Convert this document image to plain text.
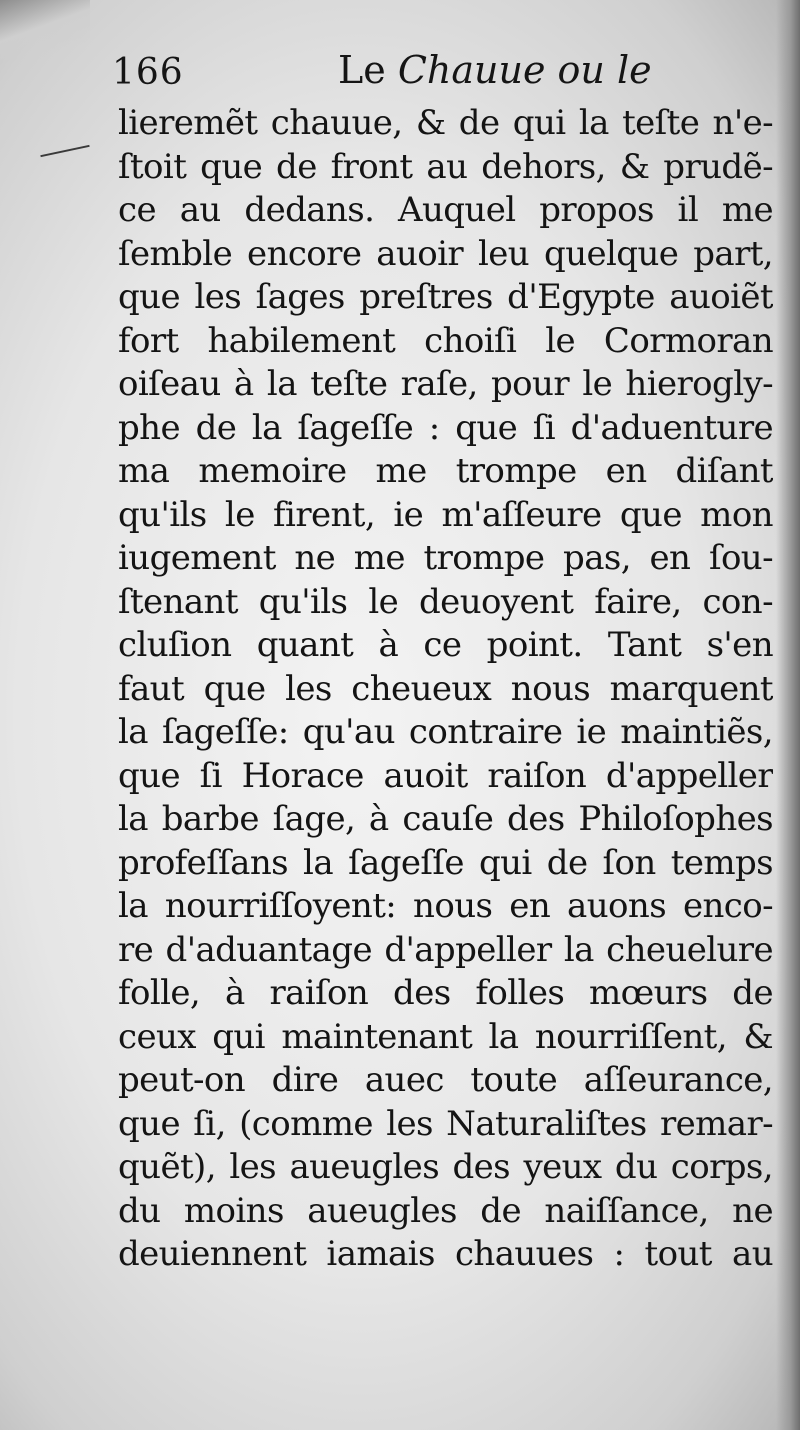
166	Le Chauue ou le
lieremẽt chauue, & de qui la teſte n'e-
ſtoit que de front au dehors, & prudẽ-
ce au dedans. Auquel propos il me
ſemble encore auoir leu quelque part,
que les ſages preſtres d'Egypte auoiẽt
fort habilement choiſi le Cormoran
oiſeau à la teſte raſe, pour le hierogly-
phe de la ſageſſe : que ſi d'aduenture
ma memoire me trompe en diſant
qu'ils le firent, ie m'aſſeure que mon
iugement ne me trompe pas, en ſou-
ſtenant qu'ils le deuoyent faire, con-
cluſion quant à ce point. Tant s'en
faut que les cheueux nous marquent
la ſageſſe: qu'au contraire ie maintiẽs,
que ſi Horace auoit raiſon d'appeller
la barbe ſage, à cauſe des Philoſophes
profeſſans la ſageſſe qui de ſon temps
la nourriſſoyent: nous en auons enco-
re d'aduantage d'appeller la cheuelure
folle, à raiſon des folles mœurs de
ceux qui maintenant la nourriſſent, &
peut-on dire auec toute aſſeurance,
que ſi, (comme les Naturaliſtes remar-
quẽt), les aueugles des yeux du corps,
du moins aueugles de naiſſance, ne
deuiennent iamais chauues : tout au
